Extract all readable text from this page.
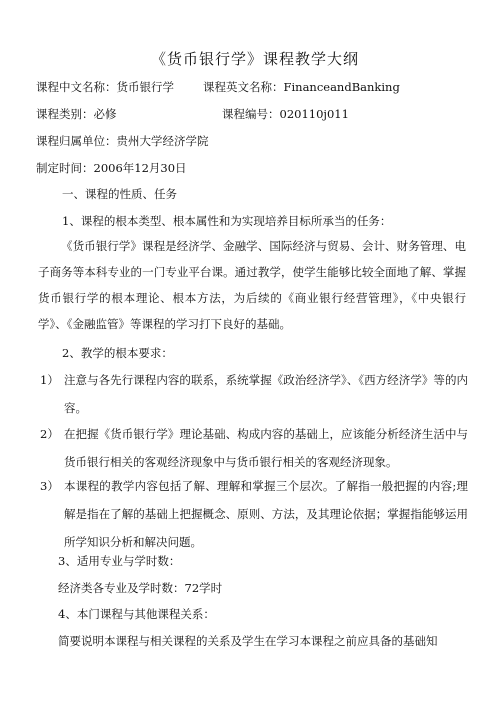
《货币银行学》课程教学大纲
课程中文名称：货币银行学	课程英文名称：FinanceandBanking
课程类别：必修	课程编号：020110j011
课程归属单位：贵州大学经济学院
制定时间：2006年12月30日
一、课程的性质、任务
1、课程的根本类型、根本属性和为实现培养目标所承当的任务：
《货币银行学》课程是经济学、金融学、国际经济与贸易、会计、财务管理、电子商务等本科专业的一门专业平台课。通过教学，使学生能够比较全面地了解、掌握货币银行学的根本理论、根本方法，为后续的《商业银行经营管理》，《中央银行学》、《金融监管》等课程的学习打下良好的基础。
2、教学的根本要求：
1） 注意与各先行课程内容的联系，系统掌握《政治经济学》、《西方经济学》等的内容。
2） 在把握《货币银行学》理论基础、构成内容的基础上，应该能分析经济生活中与货币银行相关的客观经济现象中与货币银行相关的客观经济现象。
3） 本课程的教学内容包括了解、理解和掌握三个层次。了解指一般把握的内容;理解是指在了解的基础上把握概念、原则、方法，及其理论依据；掌握指能够运用所学知识分析和解决问题。
3、适用专业与学时数：
经济类各专业及学时数：72学时
4、本门课程与其他课程关系：
简要说明本课程与相关课程的关系及学生在学习本课程之前应具备的基础知
